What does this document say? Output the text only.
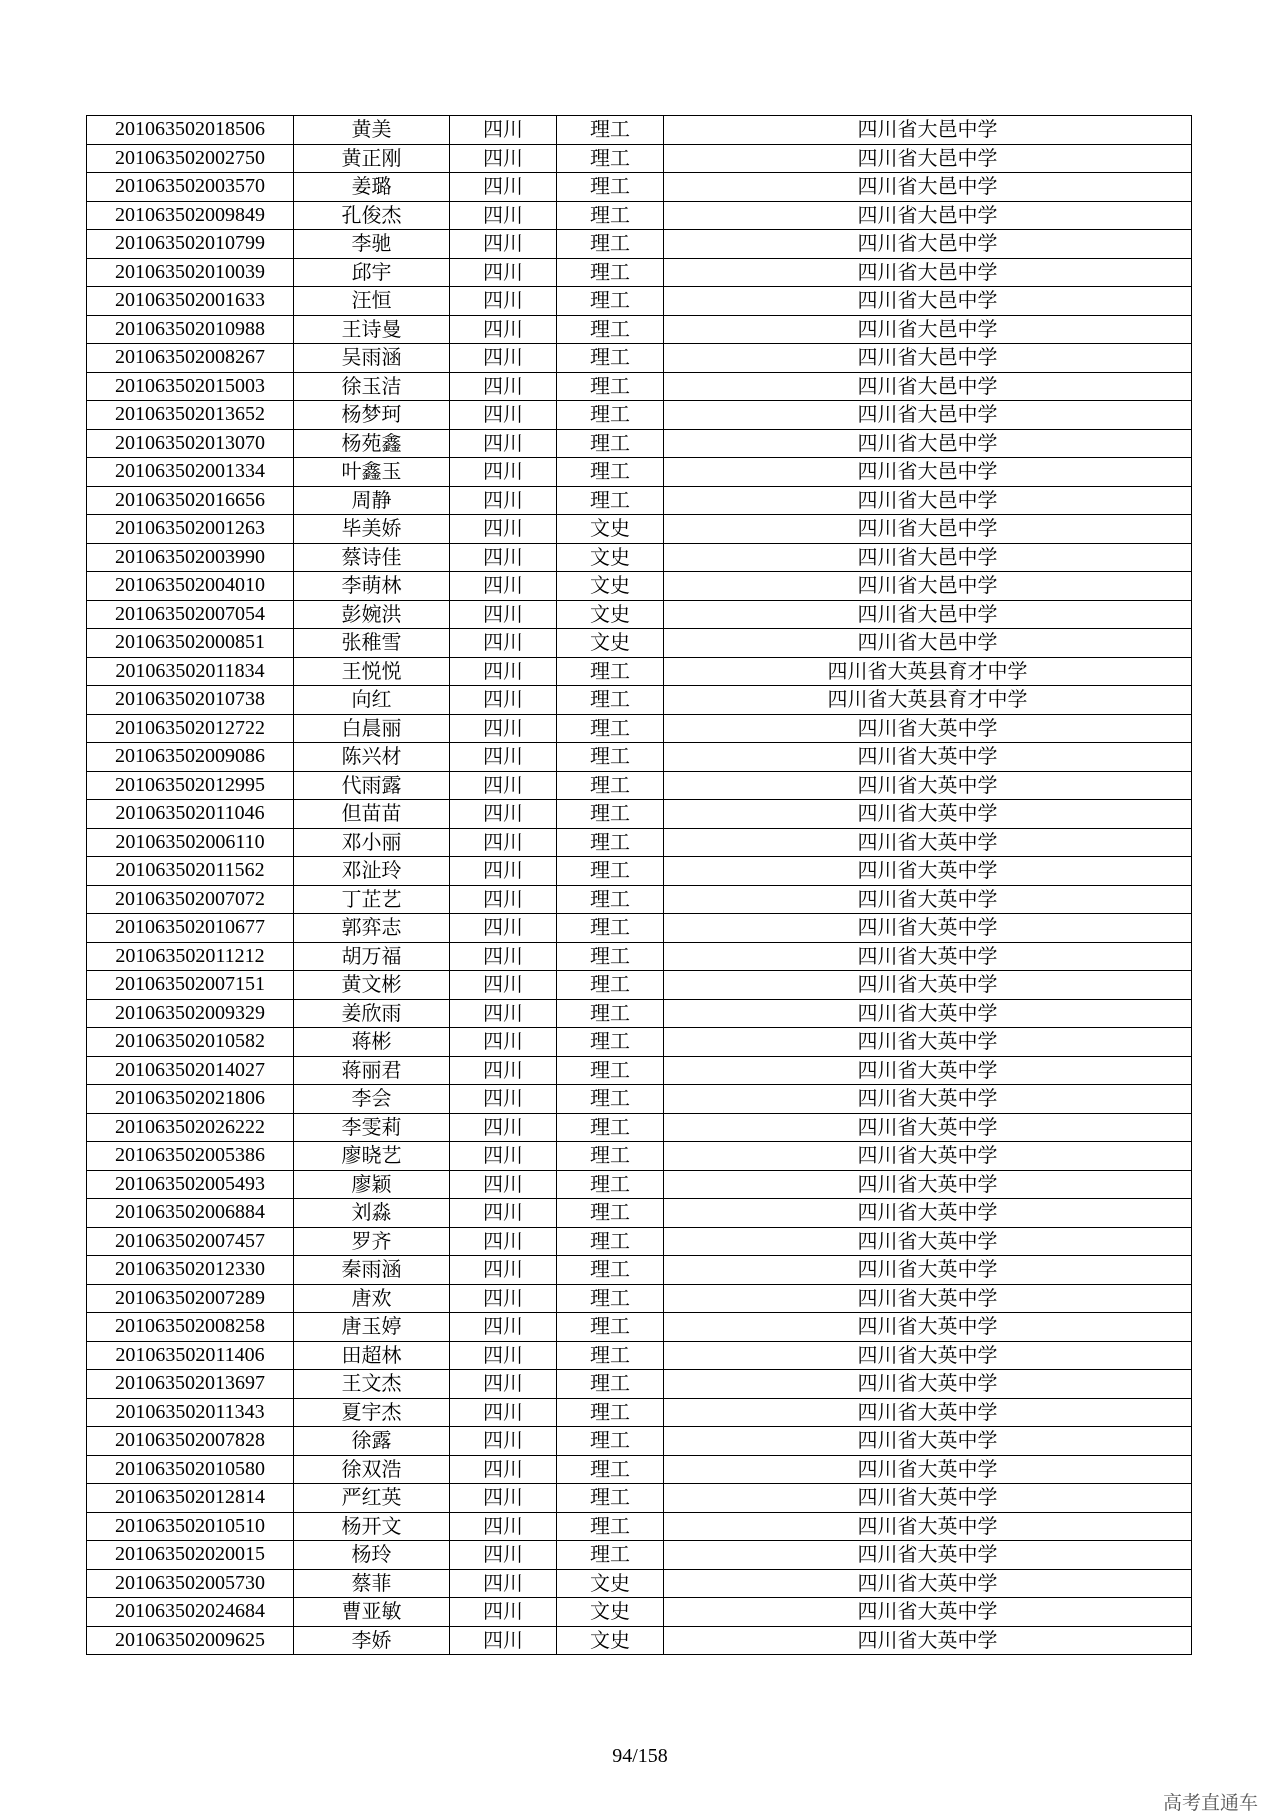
201063502018506	黄美	四川	理工	四川省大邑中学
201063502002750	黄正刚	四川	理工	四川省大邑中学
201063502003570	姜璐	四川	理工	四川省大邑中学
201063502009849	孔俊杰	四川	理工	四川省大邑中学
201063502010799	李驰	四川	理工	四川省大邑中学
201063502010039	邱宇	四川	理工	四川省大邑中学
201063502001633	汪恒	四川	理工	四川省大邑中学
201063502010988	王诗曼	四川	理工	四川省大邑中学
201063502008267	吴雨涵	四川	理工	四川省大邑中学
201063502015003	徐玉洁	四川	理工	四川省大邑中学
201063502013652	杨梦珂	四川	理工	四川省大邑中学
201063502013070	杨苑鑫	四川	理工	四川省大邑中学
201063502001334	叶鑫玉	四川	理工	四川省大邑中学
201063502016656	周静	四川	理工	四川省大邑中学
201063502001263	毕美娇	四川	文史	四川省大邑中学
201063502003990	蔡诗佳	四川	文史	四川省大邑中学
201063502004010	李萌林	四川	文史	四川省大邑中学
201063502007054	彭婉洪	四川	文史	四川省大邑中学
201063502000851	张稚雪	四川	文史	四川省大邑中学
201063502011834	王悦悦	四川	理工	四川省大英县育才中学
201063502010738	向红	四川	理工	四川省大英县育才中学
201063502012722	白晨丽	四川	理工	四川省大英中学
201063502009086	陈兴材	四川	理工	四川省大英中学
201063502012995	代雨露	四川	理工	四川省大英中学
201063502011046	但苗苗	四川	理工	四川省大英中学
201063502006110	邓小丽	四川	理工	四川省大英中学
201063502011562	邓沚玲	四川	理工	四川省大英中学
201063502007072	丁芷艺	四川	理工	四川省大英中学
201063502010677	郭弈志	四川	理工	四川省大英中学
201063502011212	胡万福	四川	理工	四川省大英中学
201063502007151	黄文彬	四川	理工	四川省大英中学
201063502009329	姜欣雨	四川	理工	四川省大英中学
201063502010582	蒋彬	四川	理工	四川省大英中学
201063502014027	蒋丽君	四川	理工	四川省大英中学
201063502021806	李会	四川	理工	四川省大英中学
201063502026222	李雯莉	四川	理工	四川省大英中学
201063502005386	廖晓艺	四川	理工	四川省大英中学
201063502005493	廖颖	四川	理工	四川省大英中学
201063502006884	刘淼	四川	理工	四川省大英中学
201063502007457	罗齐	四川	理工	四川省大英中学
201063502012330	秦雨涵	四川	理工	四川省大英中学
201063502007289	唐欢	四川	理工	四川省大英中学
201063502008258	唐玉婷	四川	理工	四川省大英中学
201063502011406	田超林	四川	理工	四川省大英中学
201063502013697	王文杰	四川	理工	四川省大英中学
201063502011343	夏宇杰	四川	理工	四川省大英中学
201063502007828	徐露	四川	理工	四川省大英中学
201063502010580	徐双浩	四川	理工	四川省大英中学
201063502012814	严红英	四川	理工	四川省大英中学
201063502010510	杨开文	四川	理工	四川省大英中学
201063502020015	杨玲	四川	理工	四川省大英中学
201063502005730	蔡菲	四川	文史	四川省大英中学
201063502024684	曹亚敏	四川	文史	四川省大英中学
201063502009625	李娇	四川	文史	四川省大英中学
94/158
高考直通车
